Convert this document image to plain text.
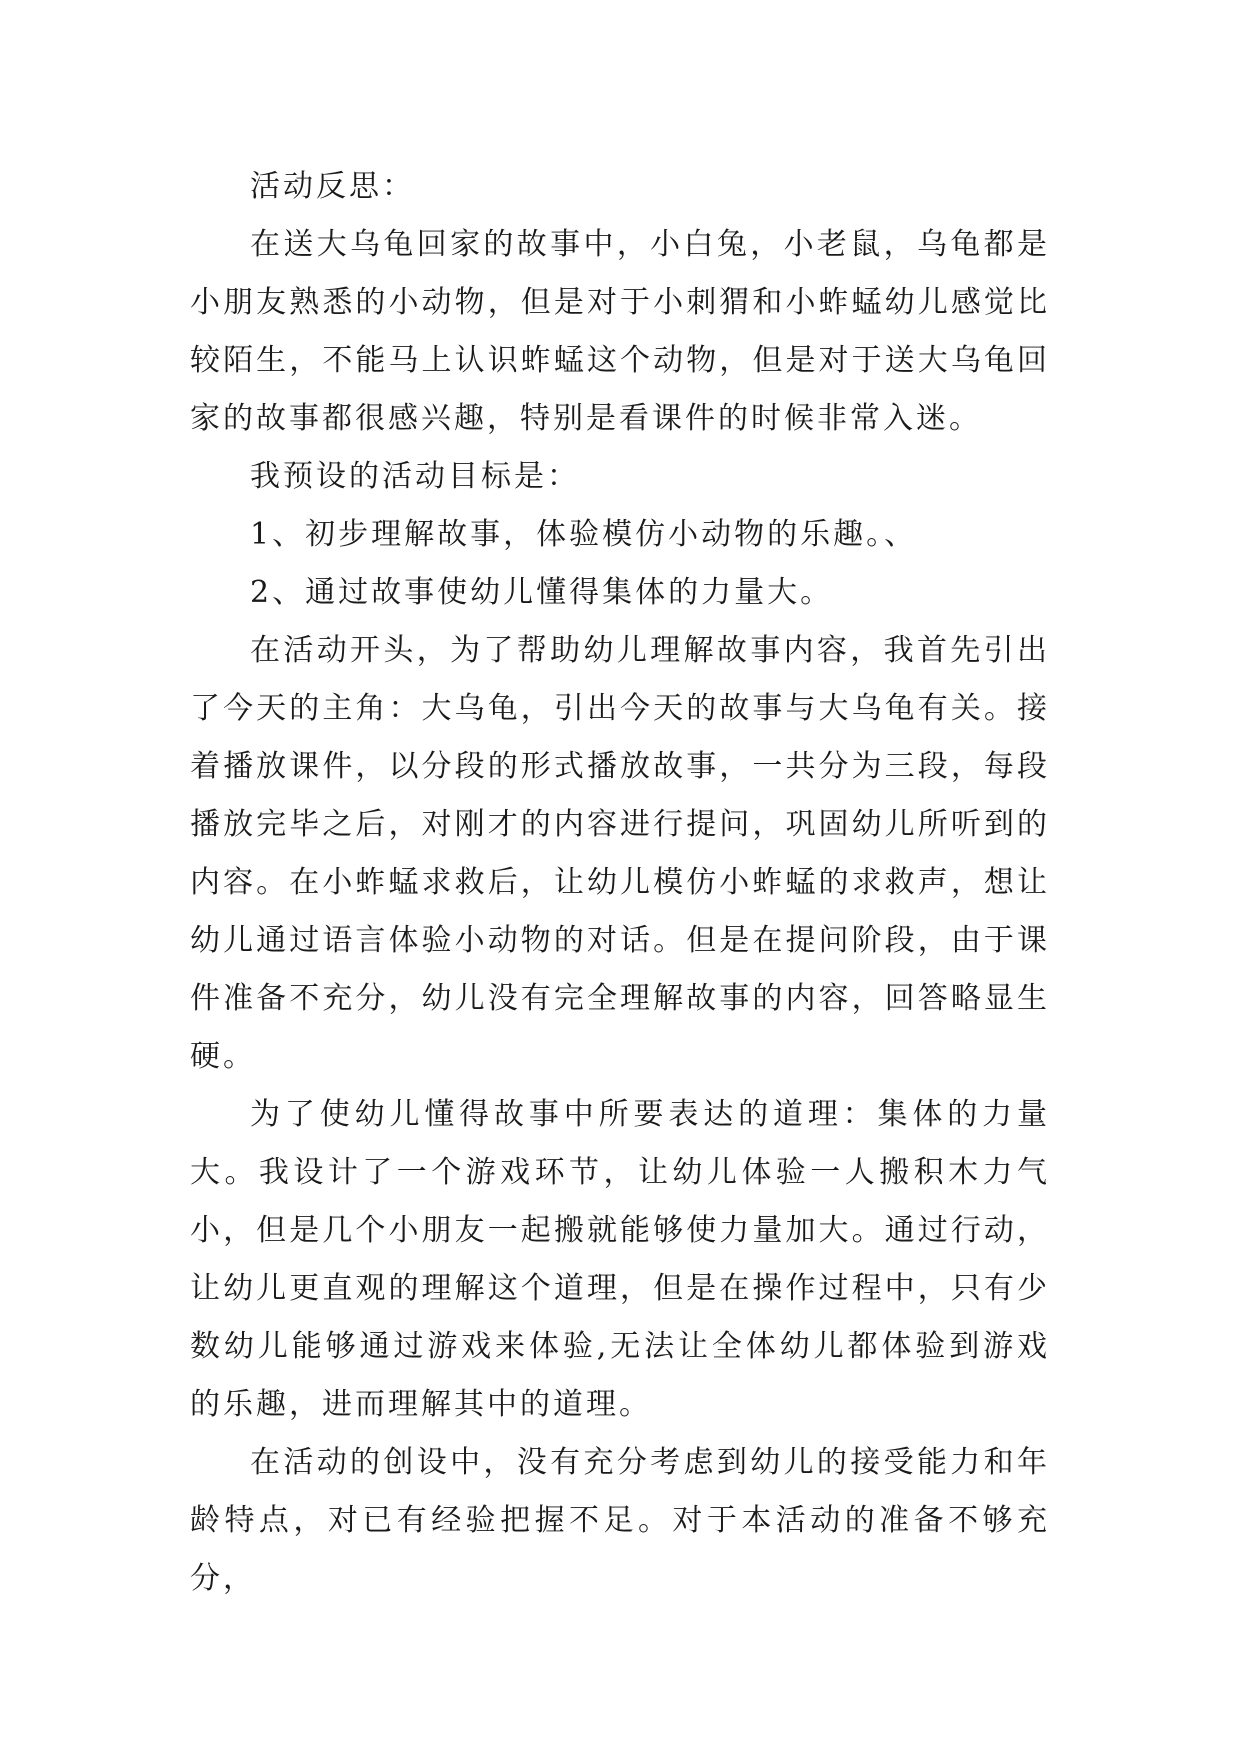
活动反思：

在送大乌龟回家的故事中，小白兔，小老鼠，乌龟都是小朋友熟悉的小动物，但是对于小刺猬和小蚱蜢幼儿感觉比较陌生，不能马上认识蚱蜢这个动物，但是对于送大乌龟回家的故事都很感兴趣，特别是看课件的时候非常入迷。

我预设的活动目标是：

1、初步理解故事，体验模仿小动物的乐趣。、

2、通过故事使幼儿懂得集体的力量大。

在活动开头，为了帮助幼儿理解故事内容，我首先引出了今天的主角：大乌龟，引出今天的故事与大乌龟有关。接着播放课件，以分段的形式播放故事，一共分为三段，每段播放完毕之后，对刚才的内容进行提问，巩固幼儿所听到的内容。在小蚱蜢求救后，让幼儿模仿小蚱蜢的求救声，想让幼儿通过语言体验小动物的对话。但是在提问阶段，由于课件准备不充分，幼儿没有完全理解故事的内容，回答略显生硬。

为了使幼儿懂得故事中所要表达的道理：集体的力量大。我设计了一个游戏环节，让幼儿体验一人搬积木力气小，但是几个小朋友一起搬就能够使力量加大。通过行动，让幼儿更直观的理解这个道理，但是在操作过程中，只有少数幼儿能够通过游戏来体验,无法让全体幼儿都体验到游戏的乐趣，进而理解其中的道理。

在活动的创设中，没有充分考虑到幼儿的接受能力和年龄特点，对已有经验把握不足。对于本活动的准备不够充分，
